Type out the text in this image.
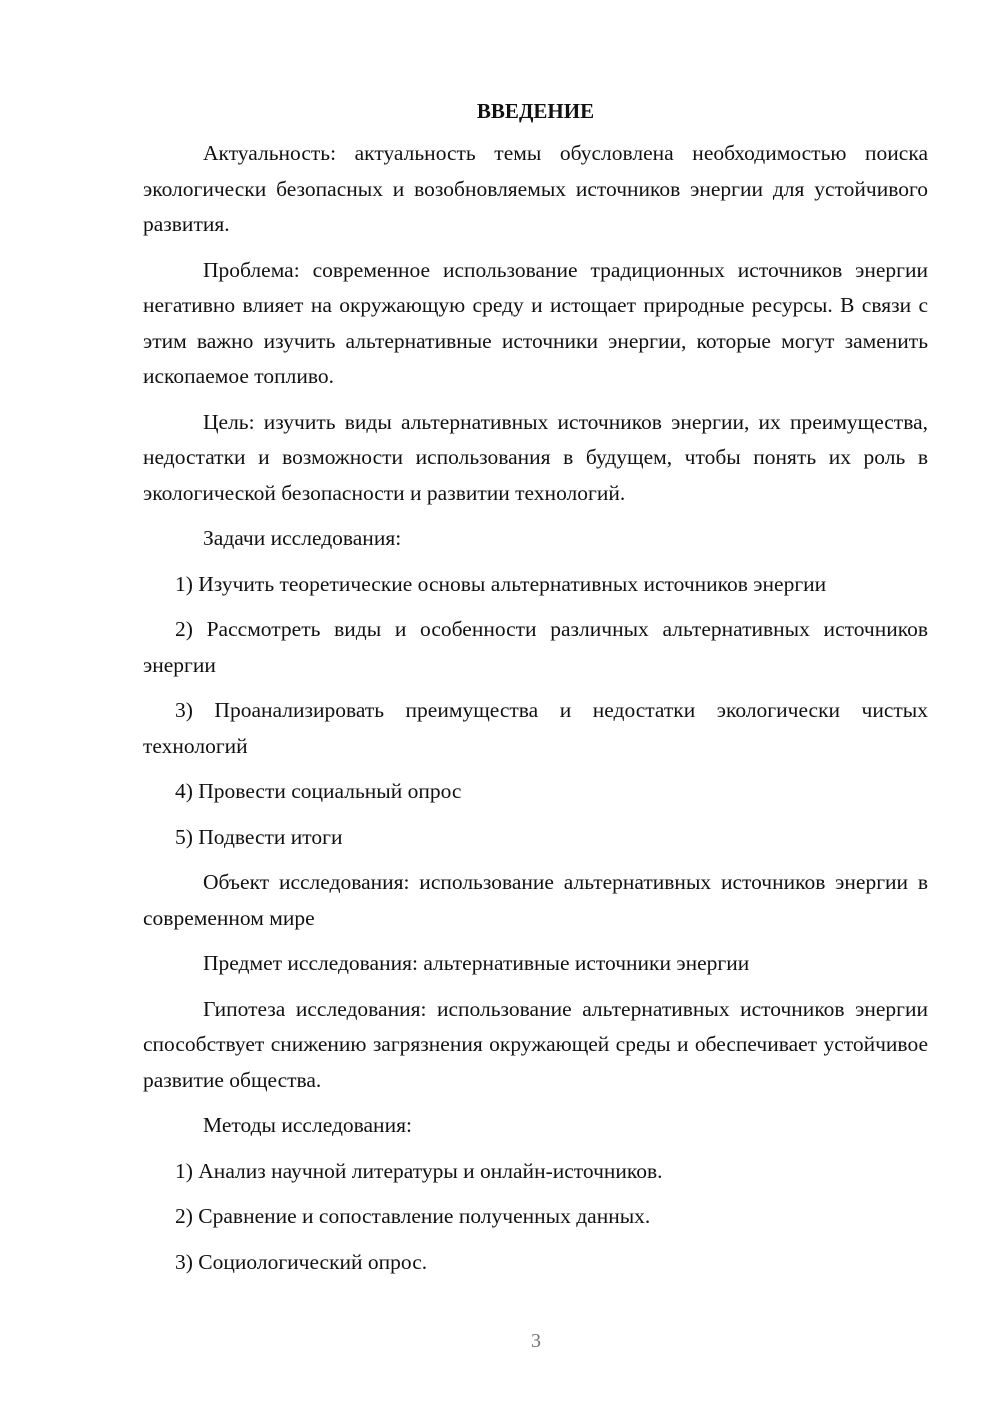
ВВЕДЕНИЕ

Актуальность: актуальность темы обусловлена необходимостью поиска экологически безопасных и возобновляемых источников энергии для устойчивого развития.

Проблема: современное использование традиционных источников энергии негативно влияет на окружающую среду и истощает природные ресурсы. В связи с этим важно изучить альтернативные источники энергии, которые могут заменить ископаемое топливо.

Цель: изучить виды альтернативных источников энергии, их преимущества, недостатки и возможности использования в будущем, чтобы понять их роль в экологической безопасности и развитии технологий.

Задачи исследования:

1) Изучить теоретические основы альтернативных источников энергии

2) Рассмотреть виды и особенности различных альтернативных источников энергии

3) Проанализировать преимущества и недостатки экологически чистых технологий

4) Провести социальный опрос

5) Подвести итоги

Объект исследования: использование альтернативных источников энергии в современном мире

Предмет исследования: альтернативные источники энергии

Гипотеза исследования: использование альтернативных источников энергии способствует снижению загрязнения окружающей среды и обеспечивает устойчивое развитие общества.

Методы исследования:

1) Анализ научной литературы и онлайн-источников.

2) Сравнение и сопоставление полученных данных.

3) Социологический опрос.

3
